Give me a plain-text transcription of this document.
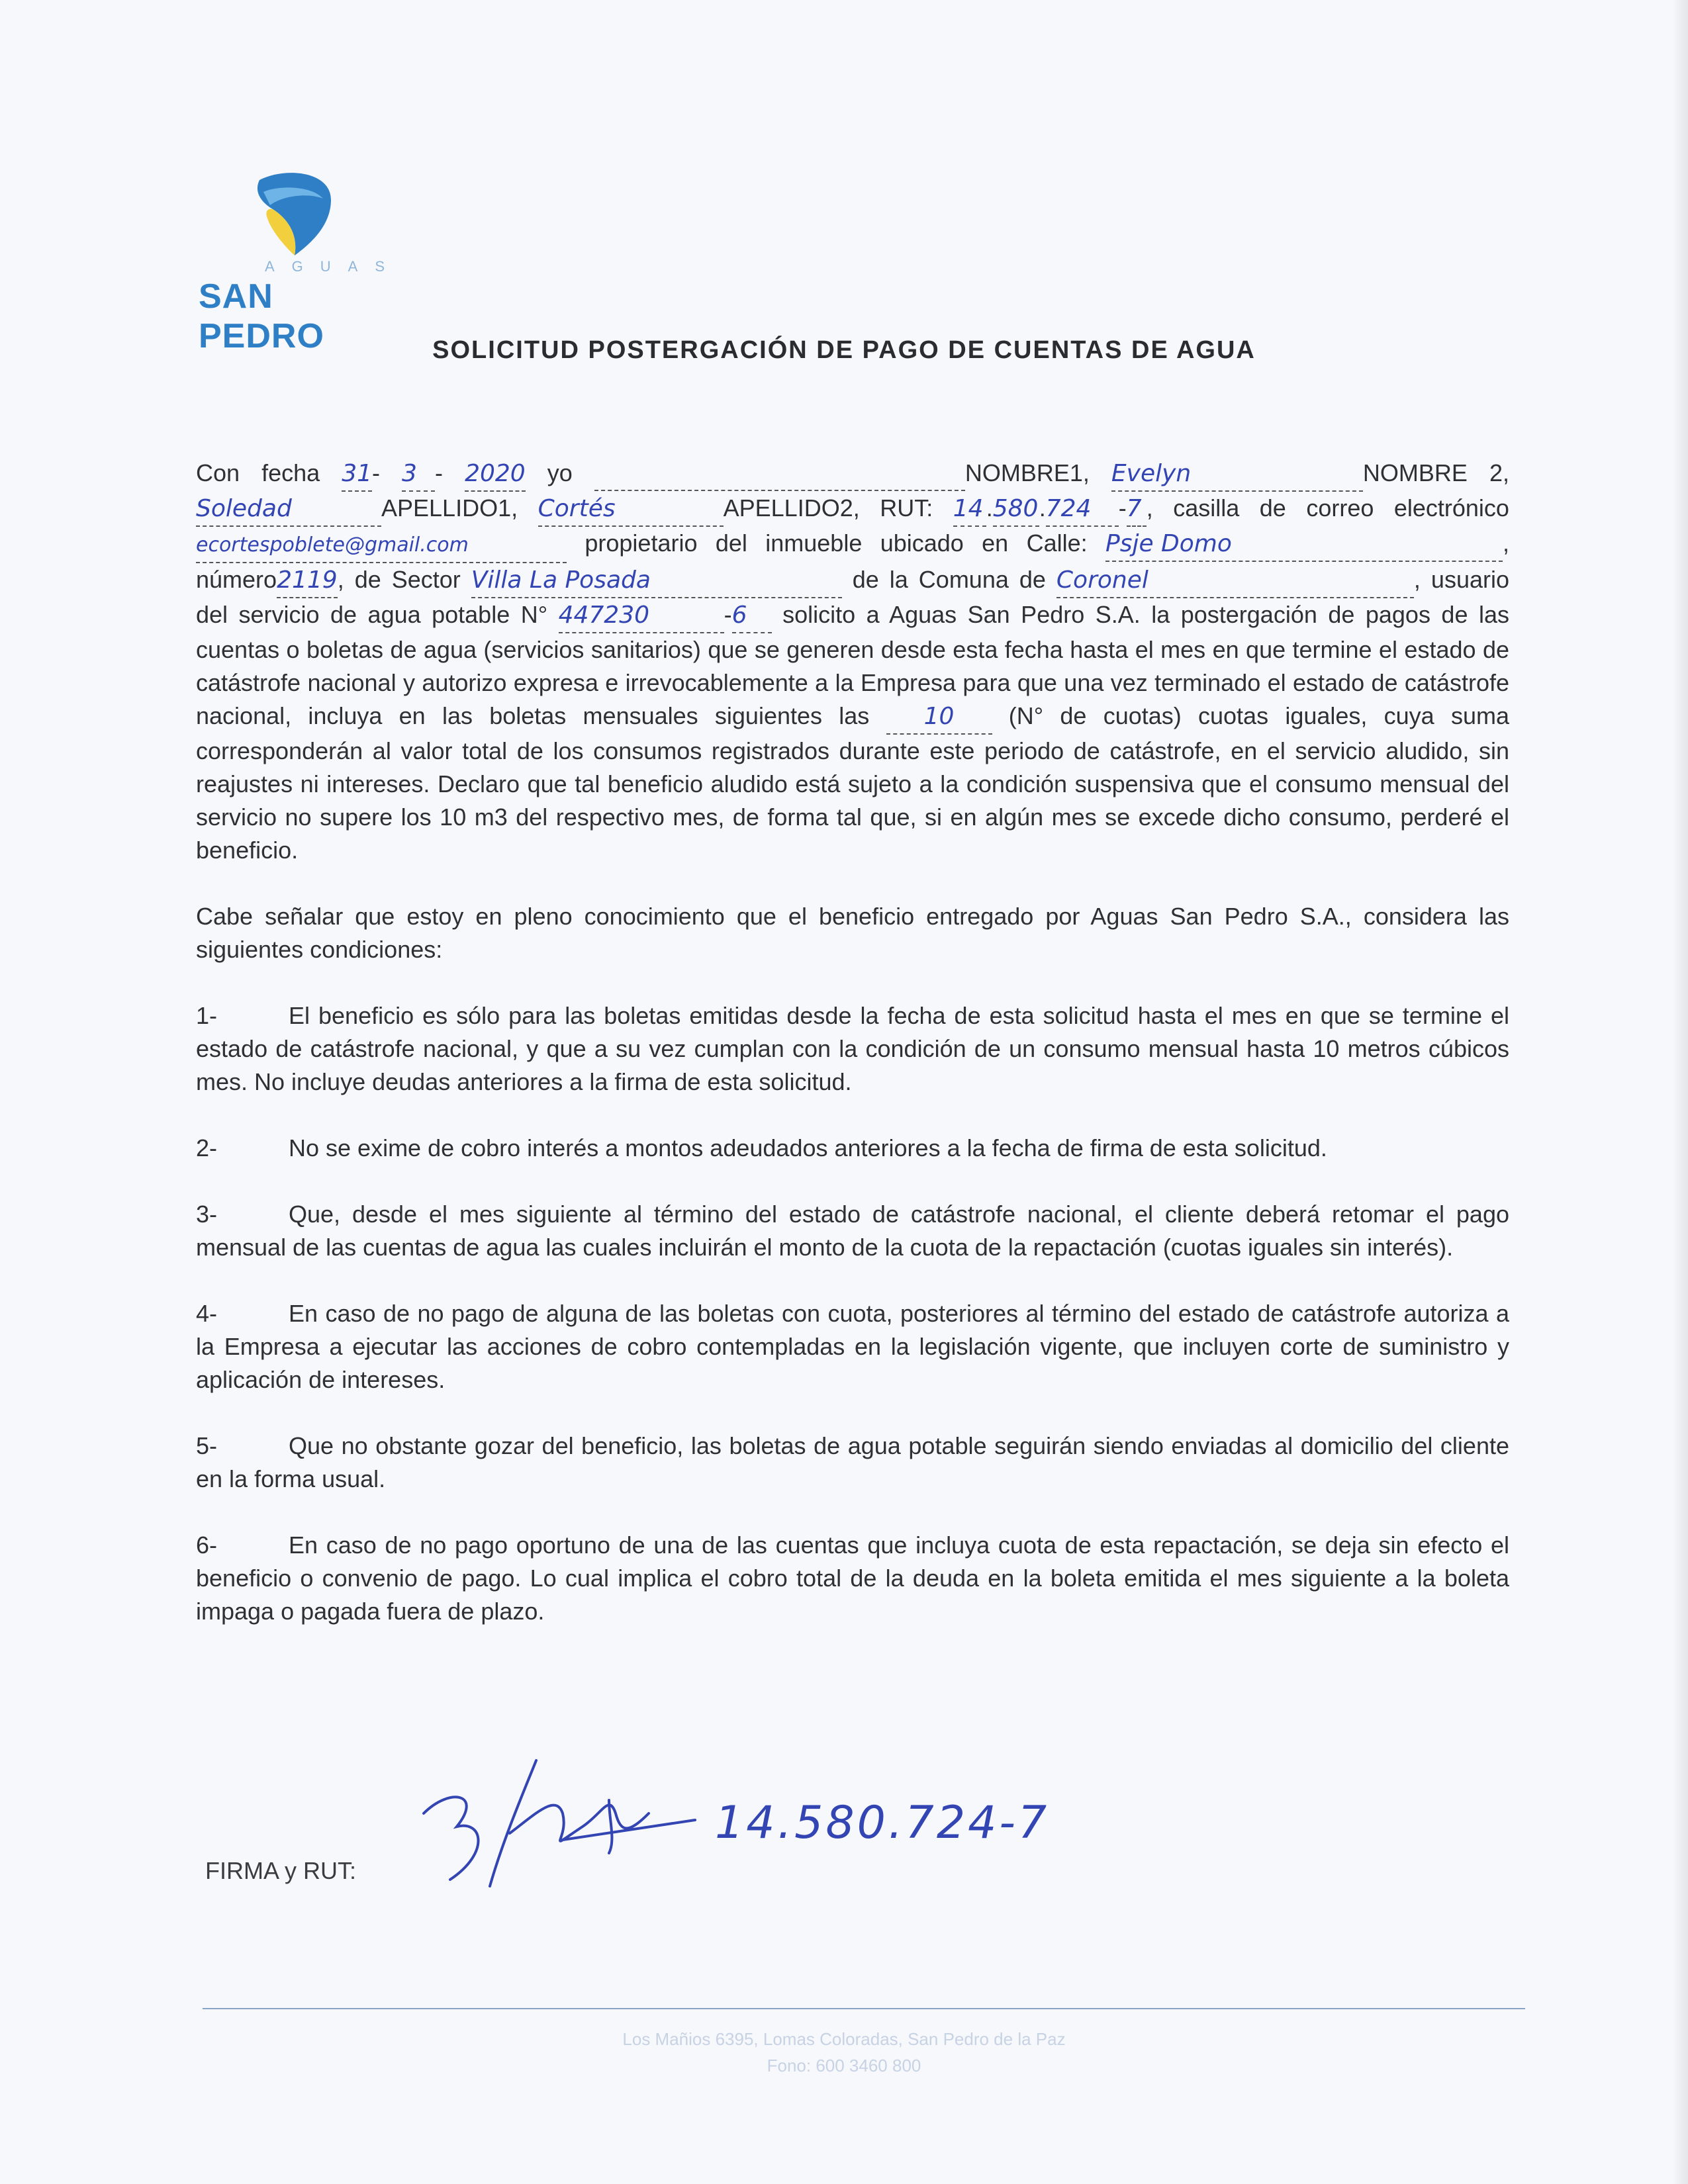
AGUAS
SAN PEDRO	SOLICITUD POSTERGACIÓN DE PAGO DE CUENTAS DE AGUA

Con fecha 31- 3 - 2020 yo	NOMBRE1, Evelyn	NOMBRE 2, Soledad	APELLIDO1, Cortés	APELLIDO2, RUT: 14 .580.724 -7 , casilla de correo electrónico ecortespoblete@gmail.com	propietario del inmueble ubicado en Calle: Psje Domo	, número2119, de Sector Villa La Posada	de la Comuna de Coronel	, usuario del servicio de agua potable N° 447230	-6 solicito a Aguas San Pedro S.A. la postergación de pagos de las cuentas o boletas de agua (servicios sanitarios) que se generen desde esta fecha hasta el mes en que termine el estado de catástrofe nacional y autorizo expresa e irrevocablemente a la Empresa para que una vez terminado el estado de catástrofe nacional, incluya en las boletas mensuales siguientes las 10 (N° de cuotas) cuotas iguales, cuya suma corresponderán al valor total de los consumos registrados durante este periodo de catástrofe, en el servicio aludido, sin reajustes ni intereses. Declaro que tal beneficio aludido está sujeto a la condición suspensiva que el consumo mensual del servicio no supere los 10 m3 del respectivo mes, de forma tal que, si en algún mes se excede dicho consumo, perderé el beneficio.

Cabe señalar que estoy en pleno conocimiento que el beneficio entregado por Aguas San Pedro S.A., considera las siguientes condiciones:

1-	El beneficio es sólo para las boletas emitidas desde la fecha de esta solicitud hasta el mes en que se termine el estado de catástrofe nacional, y que a su vez cumplan con la condición de un consumo mensual hasta 10 metros cúbicos mes. No incluye deudas anteriores a la firma de esta solicitud.
2-	No se exime de cobro interés a montos adeudados anteriores a la fecha de firma de esta solicitud.
3-	Que, desde el mes siguiente al término del estado de catástrofe nacional, el cliente deberá retomar el pago mensual de las cuentas de agua las cuales incluirán el monto de la cuota de la repactación (cuotas iguales sin interés).
4-	En caso de no pago de alguna de las boletas con cuota, posteriores al término del estado de catástrofe autoriza a la Empresa a ejecutar las acciones de cobro contempladas en la legislación vigente, que incluyen corte de suministro y aplicación de intereses.
5-	Que no obstante gozar del beneficio, las boletas de agua potable seguirán siendo enviadas al domicilio del cliente en la forma usual.
6-	En caso de no pago oportuno de una de las cuentas que incluya cuota de esta repactación, se deja sin efecto el beneficio o convenio de pago. Lo cual implica el cobro total de la deuda en la boleta emitida el mes siguiente a la boleta impaga o pagada fuera de plazo.
FIRMA y RUT:
14.580.724-7
Los Mañios 6395, Lomas Coloradas, San Pedro de la Paz
Fono: 600 3460 800
